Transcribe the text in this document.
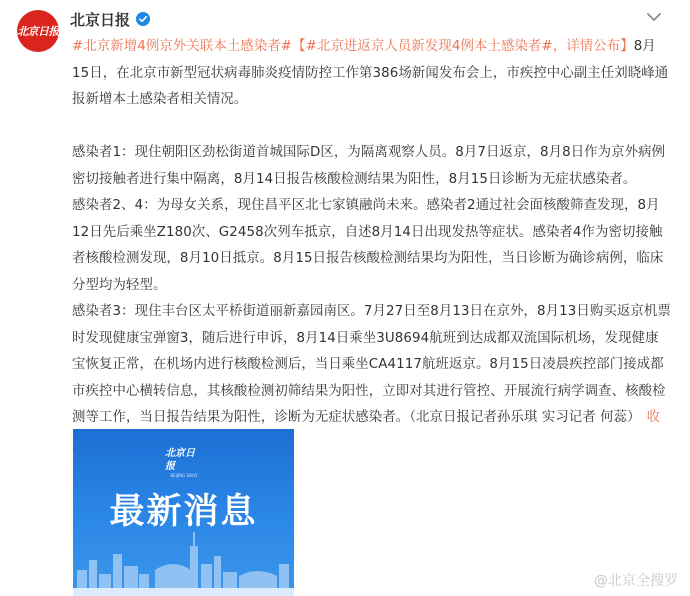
北京日报
北京日报

#北京新增4例京外关联本土感染者#【#北京进返京人员新发现4例本土感染者#，详情公布】8月15日，在北京市新型冠状病毒肺炎疫情防控工作第386场新闻发布会上，市疾控中心副主任刘晓峰通报新增本土感染者相关情况。

感染者1：现住朝阳区劲松街道首城国际D区，为隔离观察人员。8月7日返京，8月8日作为京外病例密切接触者进行集中隔离，8月14日报告核酸检测结果为阳性，8月15日诊断为无症状感染者。

感染者2、4：为母女关系，现住昌平区北七家镇融尚未来。感染者2通过社会面核酸筛查发现，8月12日先后乘坐Z180次、G2458次列车抵京，自述8月14日出现发热等症状。感染者4作为密切接触者核酸检测发现，8月10日抵京。8月15日报告核酸检测结果均为阳性，当日诊断为确诊病例，临床分型均为轻型。

感染者3：现住丰台区太平桥街道丽新嘉园南区。7月27日至8月13日在京外，8月13日购买返京机票时发现健康宝弹窗3，随后进行申诉，8月14日乘坐3U8694航班到达成都双流国际机场，发现健康宝恢复正常，在机场内进行核酸检测后，当日乘坐CA4117航班返京。8月15日凌晨疾控部门接成都市疾控中心横转信息，其核酸检测初筛结果为阳性，立即对其进行管控、开展流行病学调查、核酸检测等工作，当日报告结果为阳性，诊断为无症状感染者。（北京日报记者孙乐琪 实习记者 何蕊） 收

北京日报
BEIJING DAILY
最新消息
@北京全搜罗
